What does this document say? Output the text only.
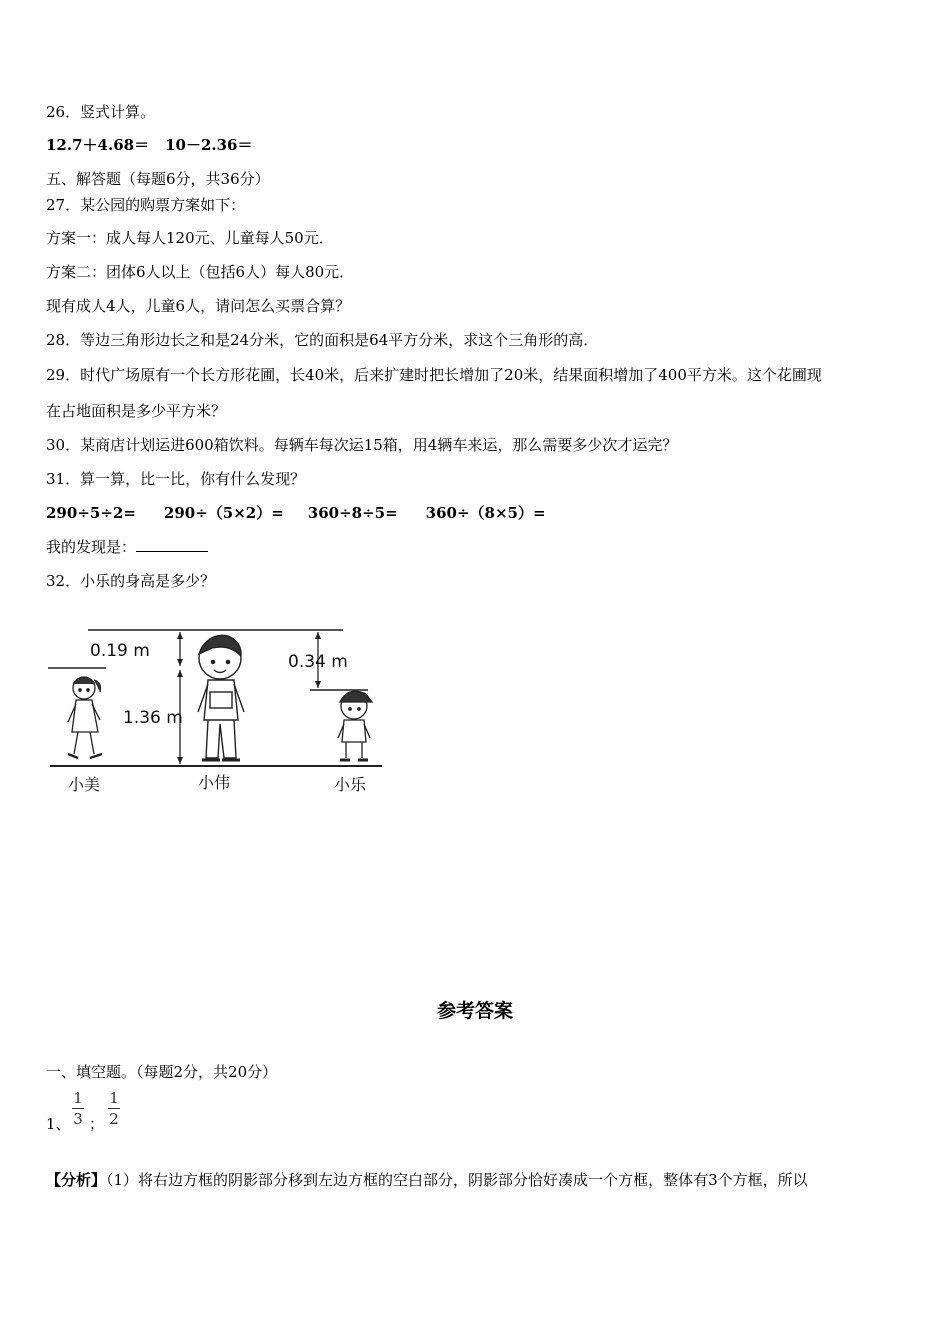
26．竖式计算。
12.7＋4.68＝ 10－2.36＝
五、解答题（每题6分，共36分）
27．某公园的购票方案如下：
方案一：成人每人120元、儿童每人50元．
方案二：团体6人以上（包括6人）每人80元．
现有成人4人，儿童6人，请问怎么买票合算？
28．等边三角形边长之和是24分米，它的面积是64平方分米，求这个三角形的高．
29．时代广场原有一个长方形花圃，长40米，后来扩建时把长增加了20米，结果面积增加了400平方米。这个花圃现
在占地面积是多少平方米？
30．某商店计划运进600箱饮料。每辆车每次运15箱，用4辆车来运，那么需要多少次才运完？
31．算一算，比一比，你有什么发现？
290÷5÷2= 290÷（5×2）= 360÷8÷5= 360÷（8×5）=
我的发现是：
32．小乐的身高是多少？
0.19 m
1.36 m
0.34 m
小美	小伟	小乐
参考答案
一、填空题。（每题2分，共20分）
1、
1
3 ；
1
2
【分析】（1）将右边方框的阴影部分移到左边方框的空白部分，阴影部分恰好凑成一个方框，整体有3个方框，所以
